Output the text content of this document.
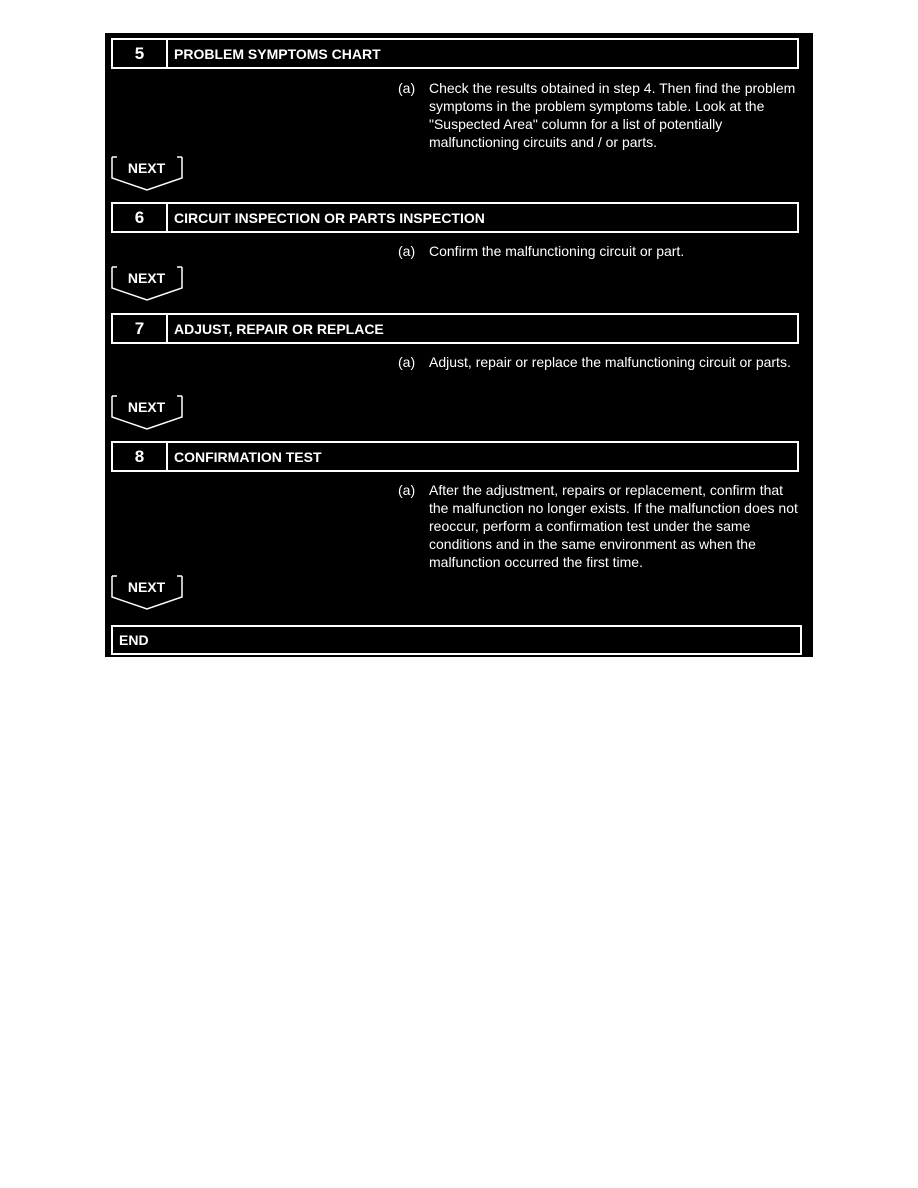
5	PROBLEM SYMPTOMS CHART
(a) Check the results obtained in step 4. Then find the problem symptoms in the problem symptoms table. Look at the "Suspected Area" column for a list of potentially malfunctioning circuits and / or parts.
NEXT
6	CIRCUIT INSPECTION OR PARTS INSPECTION
(a) Confirm the malfunctioning circuit or part.
NEXT
7	ADJUST, REPAIR OR REPLACE
(a) Adjust, repair or replace the malfunctioning circuit or parts.
NEXT
8	CONFIRMATION TEST
(a) After the adjustment, repairs or replacement, confirm that the malfunction no longer exists. If the malfunction does not reoccur, perform a confirmation test under the same conditions and in the same environment as when the malfunction occurred the first time.
NEXT
END
